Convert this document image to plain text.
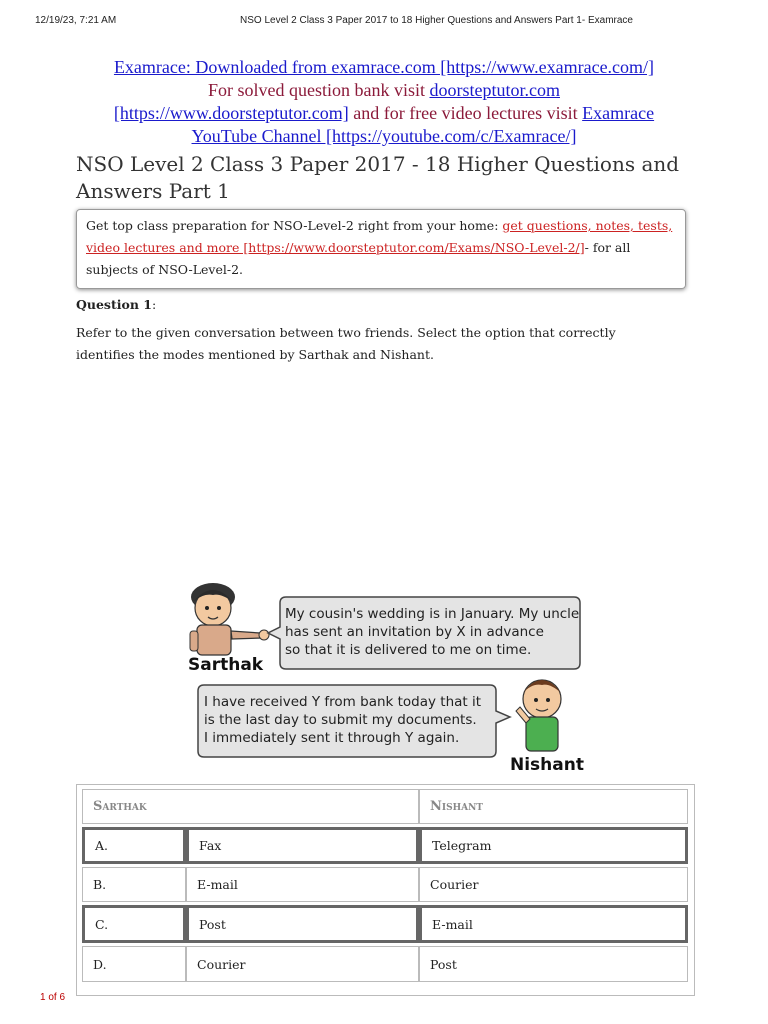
12/19/23, 7:21 AM	NSO Level 2 Class 3 Paper 2017 to 18 Higher Questions and Answers Part 1- Examrace
Examrace: Downloaded from examrace.com [https://www.examrace.com/]
For solved question bank visit doorsteptutor.com
[https://www.doorsteptutor.com] and for free video lectures visit Examrace
YouTube Channel [https://youtube.com/c/Examrace/]
NSO Level 2 Class 3 Paper 2017 - 18 Higher Questions and Answers Part 1
Get top class preparation for NSO-Level-2 right from your home: get questions, notes, tests, video lectures and more [https://www.doorsteptutor.com/Exams/NSO-Level-2/]- for all subjects of NSO-Level-2.
Question 1:
Refer to the given conversation between two friends. Select the option that correctly identifies the modes mentioned by Sarthak and Nishant.
My cousin's wedding is in January. My uncle
has sent an invitation by X in advance
so that it is delivered to me on time.
I have received Y from bank today that it
is the last day to submit my documents.
I immediately sent it through Y again.
Sarthak
Nishant
Sarthak	Nishant
A.	Fax	Telegram
B.	E-mail	Courier
C.	Post	E-mail
D.	Courier	Post
1 of 6
